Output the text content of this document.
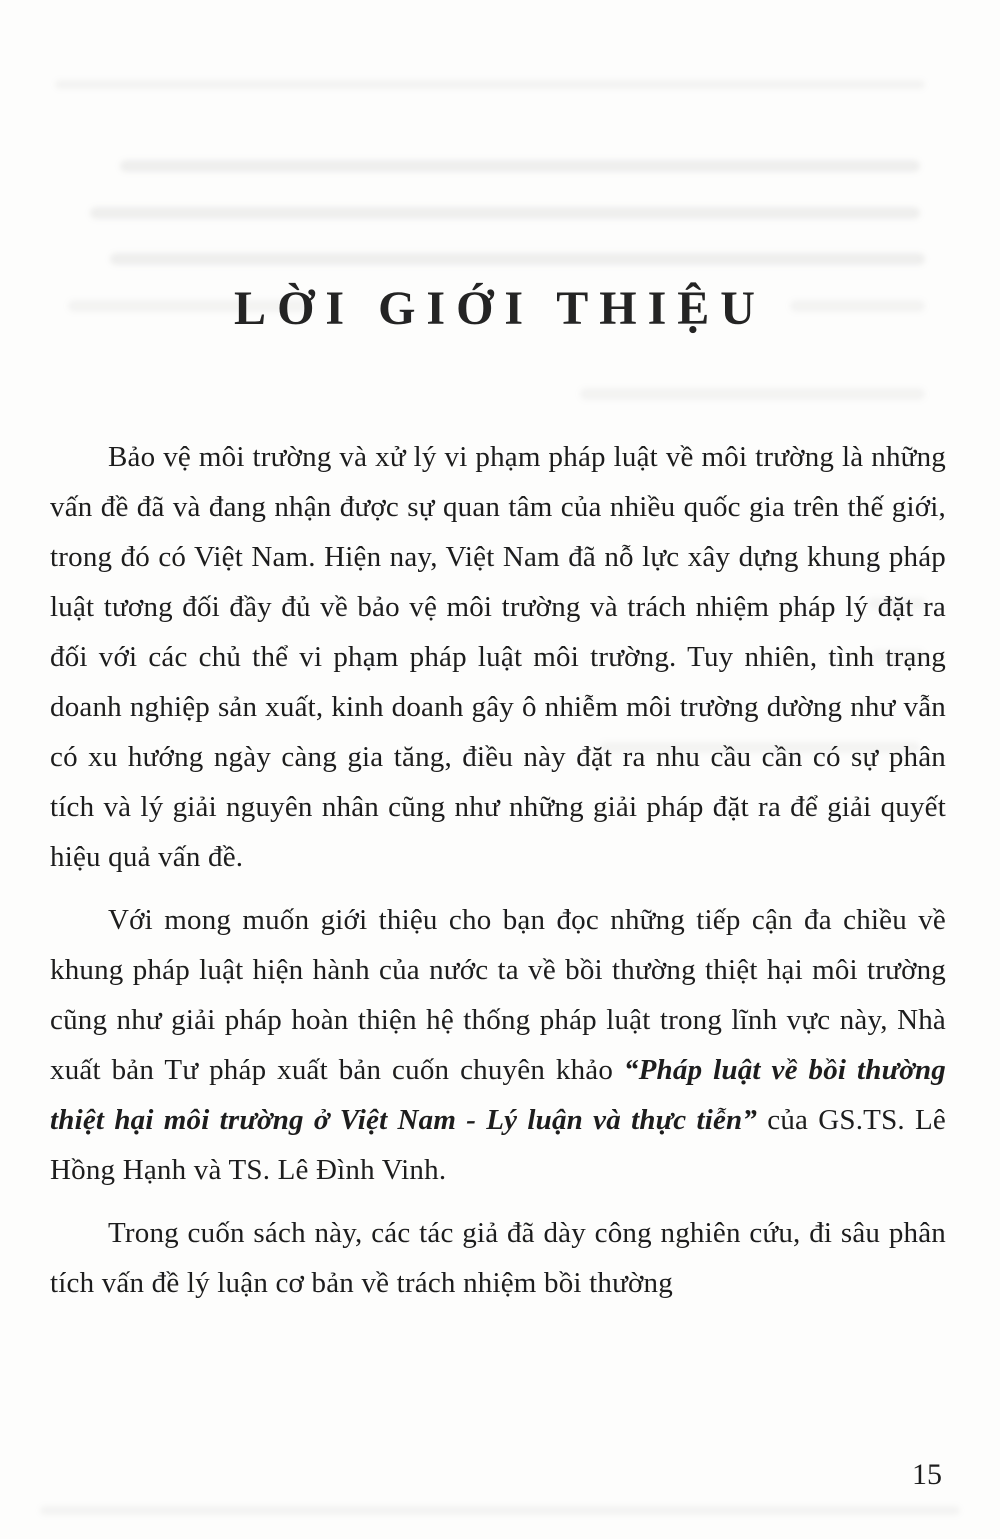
LỜI GIỚI THIỆU

Bảo vệ môi trường và xử lý vi phạm pháp luật về môi trường là những vấn đề đã và đang nhận được sự quan tâm của nhiều quốc gia trên thế giới, trong đó có Việt Nam. Hiện nay, Việt Nam đã nỗ lực xây dựng khung pháp luật tương đối đầy đủ về bảo vệ môi trường và trách nhiệm pháp lý đặt ra đối với các chủ thể vi phạm pháp luật môi trường. Tuy nhiên, tình trạng doanh nghiệp sản xuất, kinh doanh gây ô nhiễm môi trường dường như vẫn có xu hướng ngày càng gia tăng, điều này đặt ra nhu cầu cần có sự phân tích và lý giải nguyên nhân cũng như những giải pháp đặt ra để giải quyết hiệu quả vấn đề.

Với mong muốn giới thiệu cho bạn đọc những tiếp cận đa chiều về khung pháp luật hiện hành của nước ta về bồi thường thiệt hại môi trường cũng như giải pháp hoàn thiện hệ thống pháp luật trong lĩnh vực này, Nhà xuất bản Tư pháp xuất bản cuốn chuyên khảo “Pháp luật về bồi thường thiệt hại môi trường ở Việt Nam - Lý luận và thực tiễn” của GS.TS. Lê Hồng Hạnh và TS. Lê Đình Vinh.

Trong cuốn sách này, các tác giả đã dày công nghiên cứu, đi sâu phân tích vấn đề lý luận cơ bản về trách nhiệm bồi thường

15
